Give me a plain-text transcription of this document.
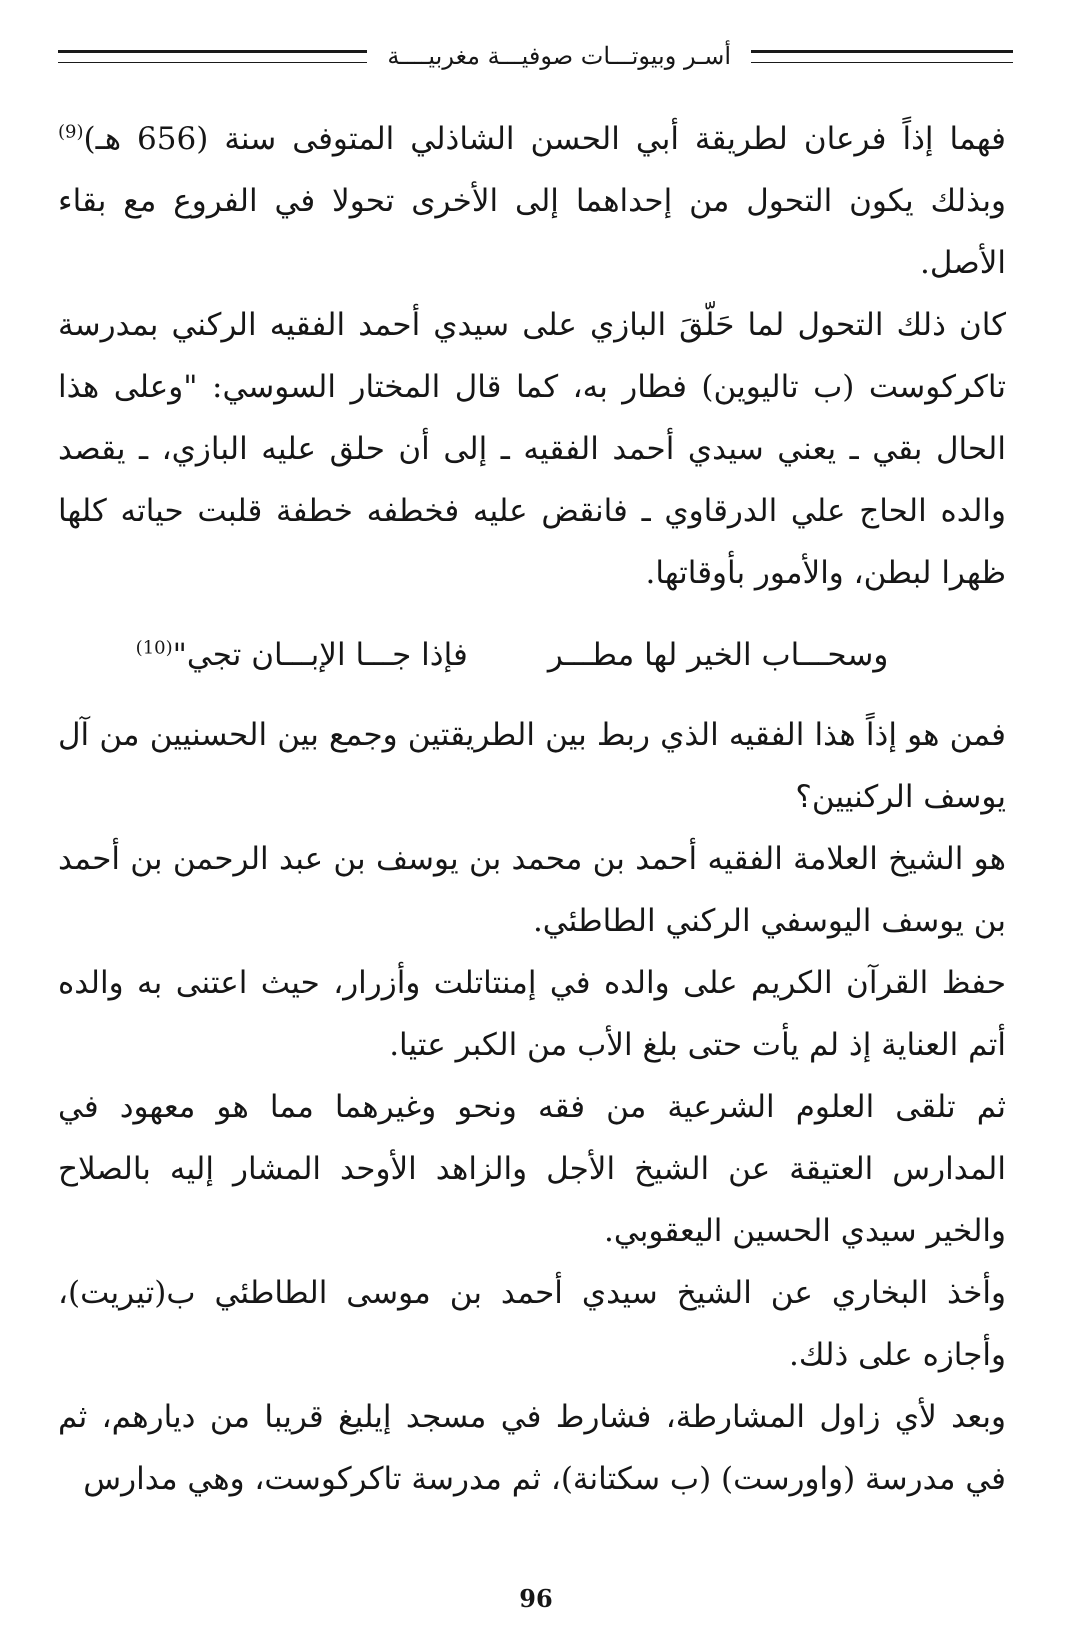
أسـر وبيوتـــات صوفيـــة مغربيــــة

فهما إذاً فرعان لطريقة أبي الحسن الشاذلي المتوفى سنة (656 هـ)$^{(9)}$ وبذلك يكون التحول من إحداهما إلى الأخرى تحولا في الفروع مع بقاء الأصل.

كان ذلك التحول لما حَلّقَ البازي على سيدي أحمد الفقيه الركني بمدرسة تاكركوست (ب تاليوين) فطار به، كما قال المختار السوسي: "وعلى هذا الحال بقي ـ يعني سيدي أحمد الفقيه ـ إلى أن حلق عليه البازي، ـ يقصد والده الحاج علي الدرقاوي ـ فانقض عليه فخطفه خطفة قلبت حياته كلها ظهرا لبطن، والأمور بأوقاتها.

وسحـــاب الخير لها مطـــر
فإذا جـــا الإبـــان تجي"$^{(10)}$

فمن هو إذاً هذا الفقيه الذي ربط بين الطريقتين وجمع بين الحسنيين من آل يوسف الركنيين؟

هو الشيخ العلامة الفقيه أحمد بن محمد بن يوسف بن عبد الرحمن بن أحمد بن يوسف اليوسفي الركني الطاطئي.

حفظ القرآن الكريم على والده في إمنتاتلت وأزرار، حيث اعتنى به والده أتم العناية إذ لم يأت حتى بلغ الأب من الكبر عتيا.

ثم تلقى العلوم الشرعية من فقه ونحو وغيرهما مما هو معهود في المدارس العتيقة عن الشيخ الأجل والزاهد الأوحد المشار إليه بالصلاح والخير سيدي الحسين اليعقوبي.

وأخذ البخاري عن الشيخ سيدي أحمد بن موسى الطاطئي ب(تيريت)، وأجازه على ذلك.

وبعد لأي زاول المشارطة، فشارط في مسجد إيليغ قريبا من ديارهم، ثم في مدرسة (واورست) (ب سكتانة)، ثم مدرسة تاكركوست، وهي مدارس

96
